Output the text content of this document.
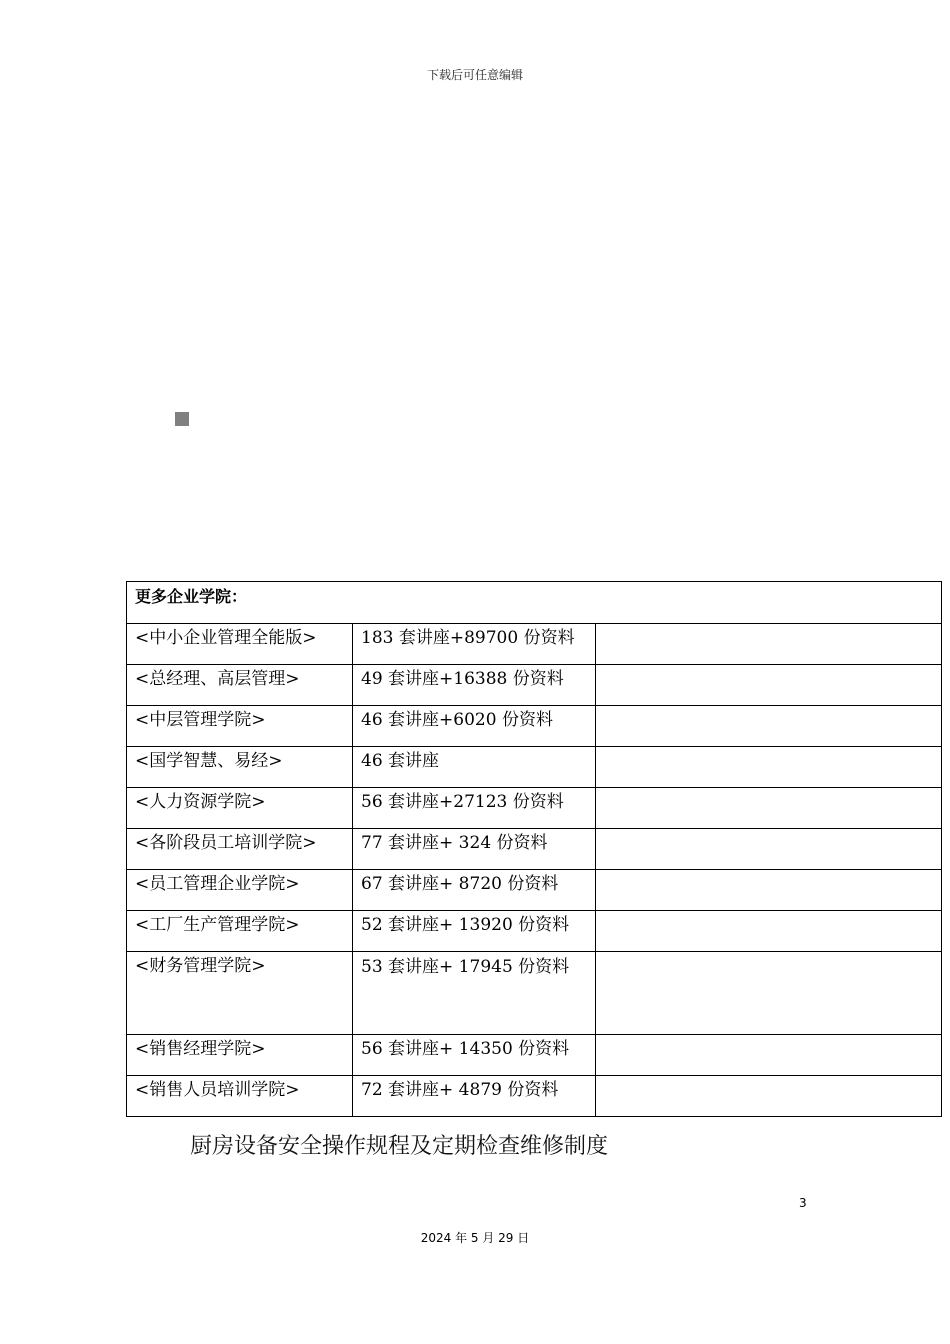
下载后可任意编辑
更多企业学院：		
<中小企业管理全能版>	183 套讲座+89700 份资料	
<总经理、高层管理>	49 套讲座+16388 份资料	
<中层管理学院>	46 套讲座+6020 份资料	
<国学智慧、易经>	46 套讲座	
<人力资源学院>	56 套讲座+27123 份资料	
<各阶段员工培训学院>	77 套讲座+ 324 份资料	
<员工管理企业学院>	67 套讲座+ 8720 份资料	
<工厂生产管理学院>	52 套讲座+ 13920 份资料	
<财务管理学院>	53 套讲座+ 17945 份资料	

<销售经理学院>	56 套讲座+ 14350 份资料	
<销售人员培训学院>	72 套讲座+ 4879 份资料	
厨房设备安全操作规程及定期检查维修制度
3
2024 年 5 月 29 日
